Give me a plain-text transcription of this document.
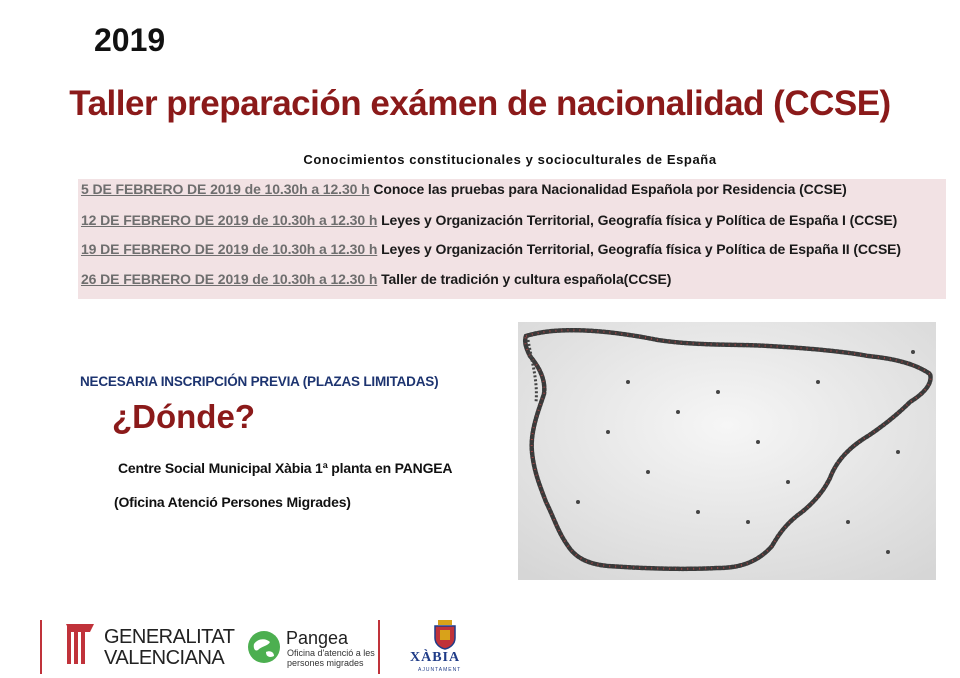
2019
Taller preparación exámen de nacionalidad (CCSE)
Conocimientos constitucionales y socioculturales de España
5 DE FEBRERO DE 2019 de 10.30h a 12.30 h Conoce las pruebas para Nacionalidad Española por Residencia (CCSE)
12 DE FEBRERO DE 2019 de 10.30h a 12.30 h Leyes y Organización Territorial, Geografía física y Política de España I (CCSE)
19 DE FEBRERO DE 2019 de 10.30h a 12.30 h Leyes y Organización Territorial, Geografía física y Política de España II (CCSE)
26 DE FEBRERO DE 2019 de 10.30h a 12.30 h Taller de tradición y cultura española(CCSE)
NECESARIA INSCRIPCIÓN PREVIA (PLAZAS LIMITADAS)
¿Dónde?
Centre Social Municipal Xàbia 1ª planta en PANGEA
(Oficina Atenció Persones Migrades)
GENERALITAT
VALENCIANA
Pangea
Oficina d'atenció a les persones migrades	XÀBIA
AJUNTAMENT
